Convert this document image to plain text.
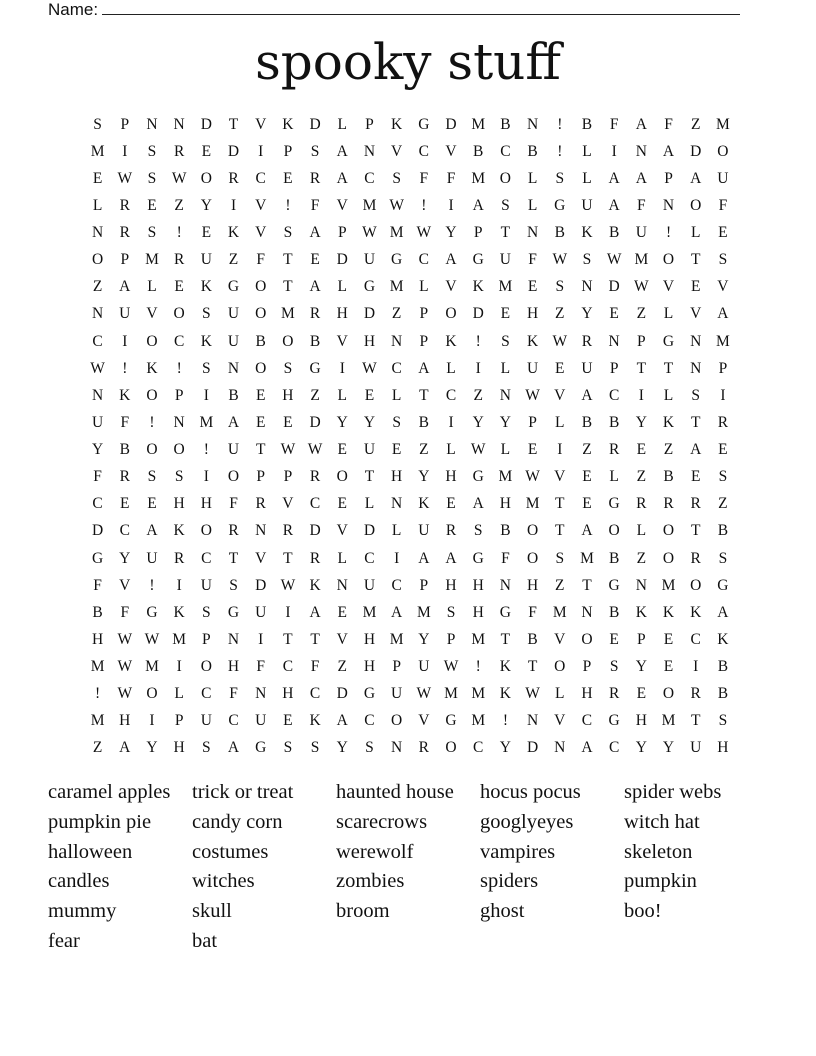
Name:
spooky stuff
S	P	N	N	D	T	V	K	D	L	P	K	G	D M B	N	!	B	F	A	F	Z	M
M	I	S	R	E	D	I	P	S	A	N	V	C	V	B	C	B	!	L	I	N	A	D	O
E W	S	W O	R	C	E	R	A	C	S	F	F	M O	L	S	L	A	A	P	A	U
L	R	E	Z	Y	I	V	!	F	V M W	!	I	A	S	L	G	U	A	F	N	O	F
N	R	S	!	E	K	V	S	A	P	W M W Y	P	T	N	B	K	B	U	!	L	E
O	P	M R	U	Z	F	T	E	D	U	G	C	A	G	U	F	W	S	W M O	T	S
Z	A	L	E	K	G	O	T	A	L	G M	L	V	K M	E	S	N	D W V	E	V
N	U	V	O	S	U	O M R	H	D	Z	P	O	D	E	H	Z	Y	E	Z	L	V	A
C	I	O	C	K	U	B	O	B	V	H	N	P	K	!	S	K W R	N	P	G	N M
W	!	K	!	S	N	O	S	G	I	W C	A	L	I	L	U	E	U	P	T	T	N	P
N	K	O	P	I	B	E	H	Z	L	E	L	T	C	Z	N W V	A	C	I	L	S	I
U	F	!	N M A	E	E	D	Y	Y	S	B	I	Y	Y	P	L	B	B	Y	K	T	R
Y	B	O	O	!	U	T W W E	U	E	Z	L W L	E	I	Z	R	E	Z	A	E
F	R	S	S	I	O	P	P	R	O	T	H	Y	H	G M W V	E	L	Z	B	E	S
C	E	E	H	H	F	R	V	C	E	L	N	K	E	A	H M	T	E	G	R	R	R	Z
D	C	A	K	O	R	N	R	D	V	D	L	U	R	S	B	O	T	A	O	L	O	T	B
G	Y	U	R	C	T	V	T	R	L	C	I	A	A	G	F	O	S	M B	Z	O	R	S
F	V	!	I	U	S	D W K	N	U	C	P	H	H	N	H	Z	T	G	N M O	G
B	F	G	K	S	G	U	I	A	E	M A M	S	H	G	F	M N	B	K	K	K	A
H W W M	P	N	I	T	T	V	H M Y	P	M	T	B	V	O	E	P	E	C	K
M W M	I	O	H	F	C	F	Z	H	P	U W	!	K	T	O	P	S	Y	E	I	B
!	W O	L	C	F	N	H	C	D	G	U W M M K W L	H	R	E	O	R	B
M H	I	P	U	C	U	E	K	A	C	O	V	G M	!	N	V	C	G	H M	T	S
Z	A	Y	H	S	A	G	S	S	Y	S	N	R	O	C	Y	D	N	A	C	Y	Y	U	H
caramel apples	trick or treat	haunted house	hocus pocus	spider webs
pumpkin pie	candy corn	scarecrows	googlyeyes	witch hat
halloween	costumes	werewolf	vampires	skeleton
candles	witches	zombies	spiders	pumpkin
mummy	skull	broom	ghost	boo!
fear	bat
